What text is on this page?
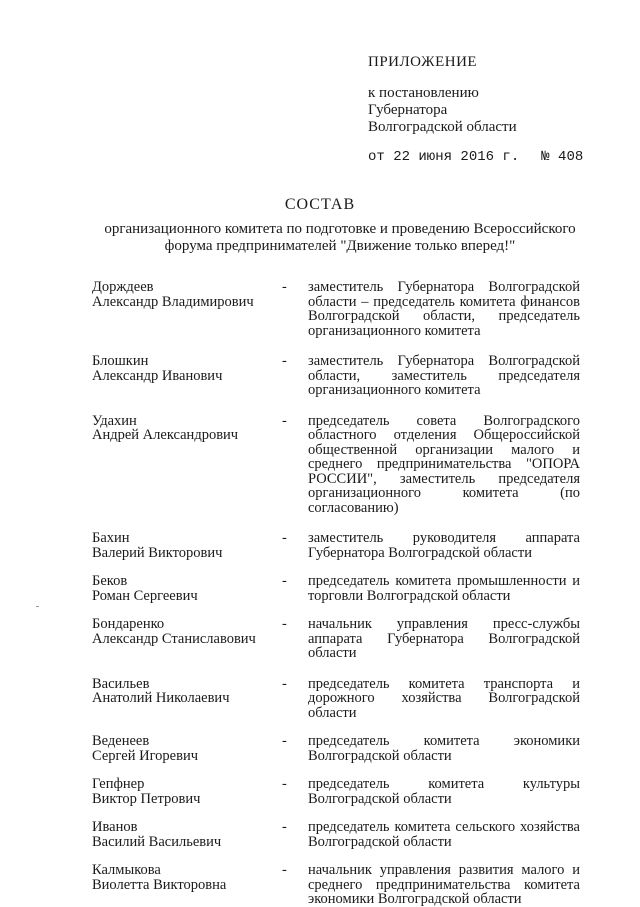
ПРИЛОЖЕНИЕ
к постановлению
Губернатора
Волгоградской области
от 22 июня 2016 г. № 408
СОСТАВ
организационного комитета по подготовке и проведению Всероссийского форума предпринимателей "Движение только вперед!"
Дорждеев
Александр Владимирович
-	заместитель Губернатора Волгоградской области – председатель комитета финансов Волгоградской области, председатель организационного комитета
Блошкин
Александр Иванович
-	заместитель Губернатора Волгоградской области, заместитель председателя организационного комитета
Удахин
Андрей Александрович
-	председатель совета Волгоградского областного отделения Общероссийской общественной организации малого и среднего предпринимательства "ОПОРА РОССИИ", заместитель председателя организационного комитета (по согласованию)
Бахин
Валерий Викторович
-	заместитель руководителя аппарата Губернатора Волгоградской области
Беков
Роман Сергеевич
-	председатель комитета промышленности и торговли Волгоградской области
Бондаренко
Александр Станиславович
-	начальник управления пресс-службы аппарата Губернатора Волгоградской области
Васильев
Анатолий Николаевич
-	председатель комитета транспорта и дорожного хозяйства Волгоградской области
Веденеев
Сергей Игоревич
-	председатель комитета экономики Волгоградской области
Гепфнер
Виктор Петрович
-	председатель комитета культуры Волгоградской области
Иванов
Василий Васильевич
-	председатель комитета сельского хозяйства Волгоградской области
Калмыкова
Виолетта Викторовна
-	начальник управления развития малого и среднего предпринимательства комитета экономики Волгоградской области
